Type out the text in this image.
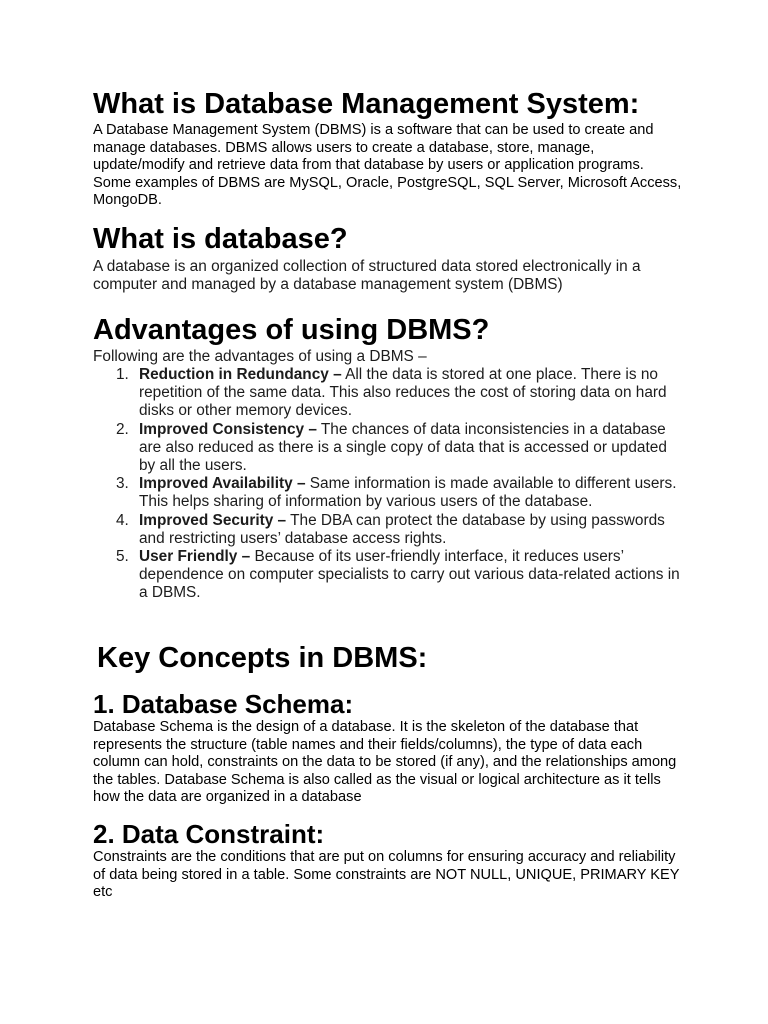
What is Database Management System:

A Database Management System (DBMS) is a software that can be used to create and manage databases. DBMS allows users to create a database, store, manage, update/modify and retrieve data from that database by users or application programs. Some examples of DBMS are MySQL, Oracle, PostgreSQL, SQL Server, Microsoft Access, MongoDB.

What is database?

A database is an organized collection of structured data stored electronically in a computer and managed by a database management system (DBMS)

Advantages of using DBMS?

Following are the advantages of using a DBMS –

1. Reduction in Redundancy – All the data is stored at one place. There is no repetition of the same data. This also reduces the cost of storing data on hard disks or other memory devices.
2. Improved Consistency – The chances of data inconsistencies in a database are also reduced as there is a single copy of data that is accessed or updated by all the users.
3. Improved Availability – Same information is made available to different users. This helps sharing of information by various users of the database.
4. Improved Security – The DBA can protect the database by using passwords and restricting users’ database access rights.
5. User Friendly – Because of its user-friendly interface, it reduces users’ dependence on computer specialists to carry out various data-related actions in a DBMS.
Key Concepts in DBMS:
1. Database Schema:

Database Schema is the design of a database. It is the skeleton of the database that represents the structure (table names and their fields/columns), the type of data each column can hold, constraints on the data to be stored (if any), and the relationships among the tables. Database Schema is also called as the visual or logical architecture as it tells how the data are organized in a database

2. Data Constraint:

Constraints are the conditions that are put on columns for ensuring accuracy and reliability of data being stored in a table. Some constraints are NOT NULL, UNIQUE, PRIMARY KEY etc
